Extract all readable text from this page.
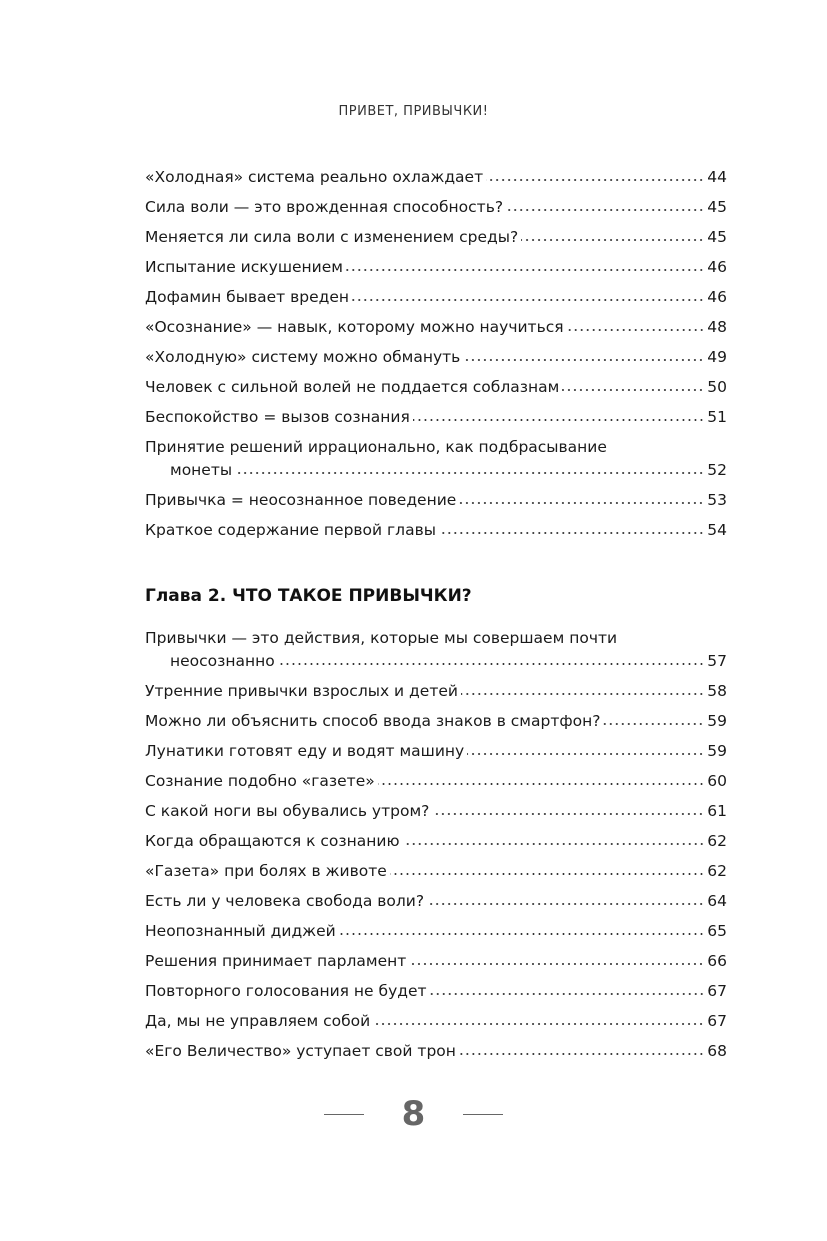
ПРИВЕТ, ПРИВЫЧКИ!
«Холодная» система реально охлаждает	44
Сила воли — это врожденная способность?	45
Меняется ли сила воли с изменением среды?	45
Испытание искушением	46
Дофамин бывает вреден	46
«Осознание» — навык, которому можно научиться	48
«Холодную» систему можно обмануть	49
Человек с сильной волей не поддается соблазнам	50
Беспокойство = вызов сознания	51
Принятие решений иррационально, как подбрасывание
монеты	52
Привычка = неосознанное поведение	53
Краткое содержание первой главы	54
Глава 2. ЧТО ТАКОЕ ПРИВЫЧКИ?
Привычки — это действия, которые мы совершаем почти
неосознанно	57
Утренние привычки взрослых и детей	58
Можно ли объяснить способ ввода знаков в смартфон?	59
Лунатики готовят еду и водят машину	59
Сознание подобно «газете»	60
С какой ноги вы обувались утром?	61
Когда обращаются к сознанию	62
«Газета» при болях в животе	62
Есть ли у человека свобода воли?	64
Неопознанный диджей	65
Решения принимает парламент	66
Повторного голосования не будет	67
Да, мы не управляем собой	67
«Его Величество» уступает свой трон	68
8
